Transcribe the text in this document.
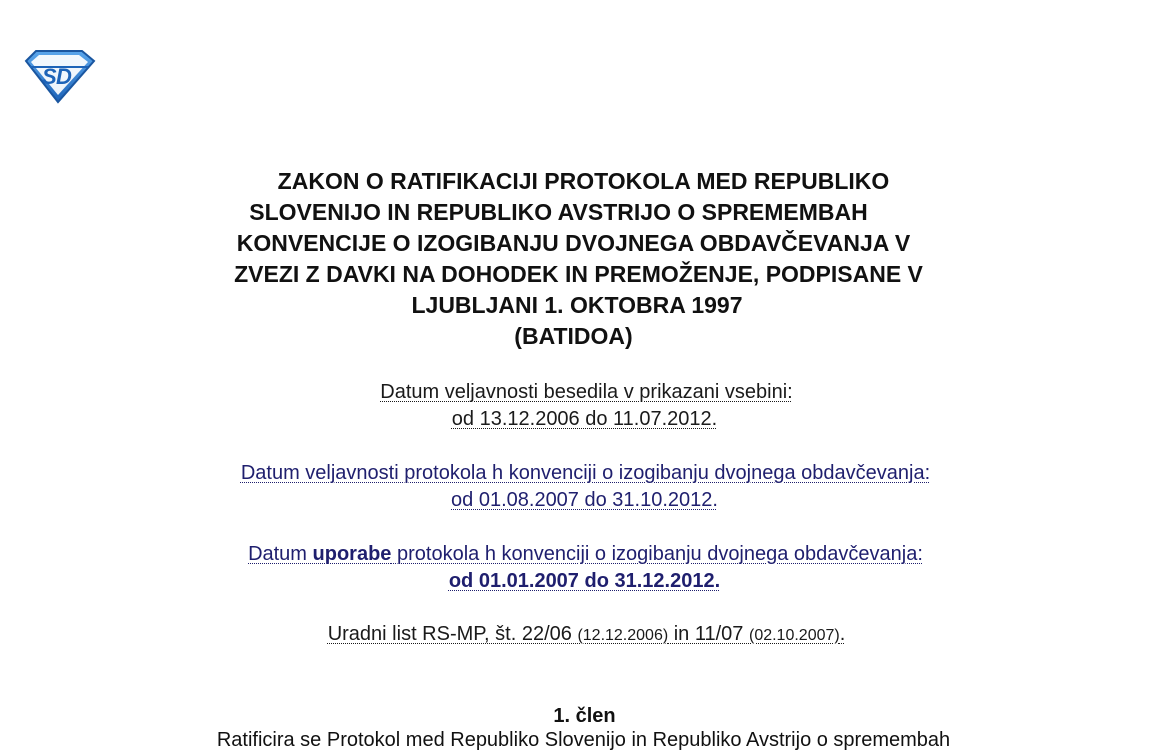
S D
ZAKON O RATIFIKACIJI PROTOKOLA MED REPUBLIKO
SLOVENIJO IN REPUBLIKO AVSTRIJO O SPREMEMBAH
KONVENCIJE O IZOGIBANJU DVOJNEGA OBDAVČEVANJA V
ZVEZI Z DAVKI NA DOHODEK IN PREMOŽENJE, PODPISANE V
LJUBLJANI 1. OKTOBRA 1997
(BATIDOA)
Datum veljavnosti besedila v prikazani vsebini:
od 13.12.2006 do 11.07.2012.
Datum veljavnosti protokola h konvenciji o izogibanju dvojnega obdavčevanja:
od 01.08.2007 do 31.10.2012.
Datum uporabe protokola h konvenciji o izogibanju dvojnega obdavčevanja:
od 01.01.2007 do 31.12.2012.
Uradni list RS-MP, št. 22/06 (12.12.2006) in 11/07 (02.10.2007).
1. člen
Ratificira se Protokol med Republiko Slovenijo in Republiko Avstrijo o spremembah
